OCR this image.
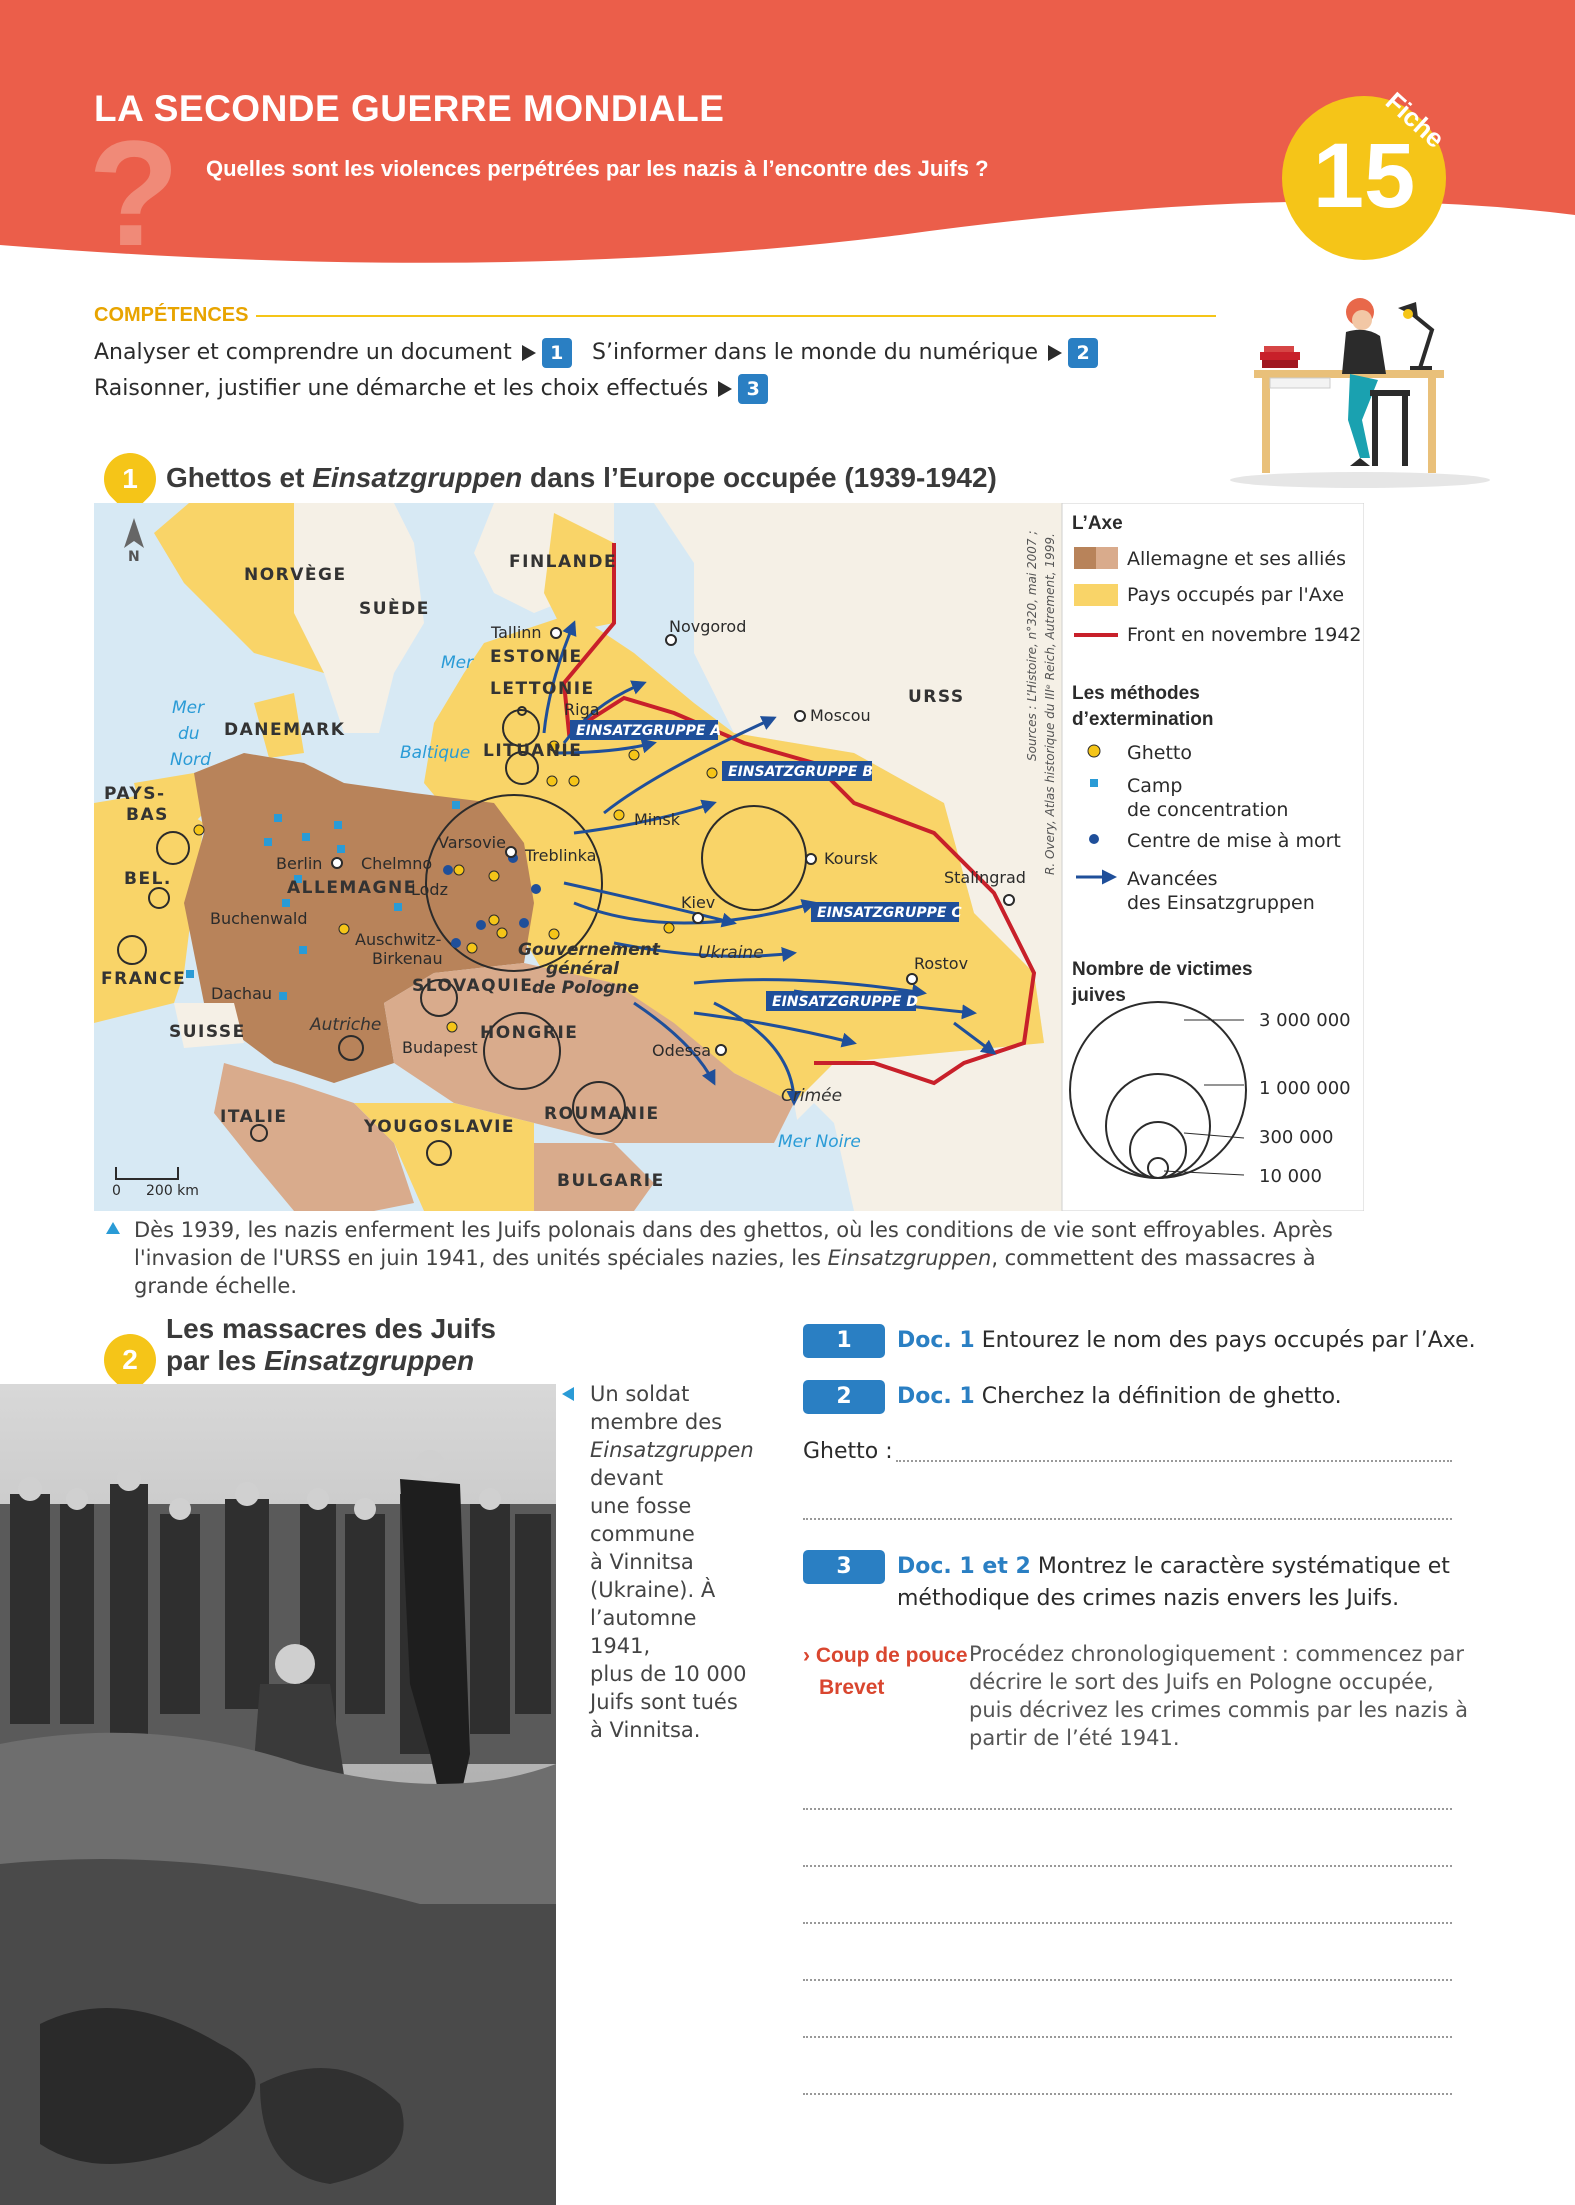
?
LA SECONDE GUERRE MONDIALE
Quelles sont les violences perpétrées par les nazis à l’encontre des Juifs ?	15
Fiche
COMPÉTENCES
Analyser et comprendre un document 1	S’informer dans le monde du numérique 2
Raisonner, justifier une démarche et les choix effectués 3
1	Ghettos et Einsatzgruppen dans l’Europe occupée (1939-1942)
N
NORVÈGE
SUÈDE
FINLANDE
DANEMARK
ESTONIE
LETTONIE
LITUANIE
URSS
PAYS-
BAS
BEL.	ALLEMAGNE
FRANCE
SUISSE
ITALIE	YOUGOSLAVIE
ROUMANIE
BULGARIE
HONGRIE
SLOVAQUIE
Autriche
Ukraine
Crimée
Gouvernement
général
de Pologne
Mer
du
Nord
Mer
Baltique
Mer Noire
Tallinn	Novgorod
Riga	Moscou
Minsk
Berlin Chelmno
Varsovie
Treblinka
Lodz
Buchenwald
Auschwitz-
Birkenau
Dachau
Budapest
Koursk
Stalingrad
Kiev
Rostov
Odessa
EINSATZGRUPPE A
EINSATZGRUPPE B
EINSATZGRUPPE C
EINSATZGRUPPE D
0 200 km
Sources : L’Histoire, n°320, mai 2007 ; R. Overy, Atlas historique du IIIᵉ Reich, Autrement, 1999.
L’Axe
Allemagne et ses alliés
Pays occupés par l'Axe
Front en novembre 1942
Les méthodes
d’extermination
Ghetto
Camp
de concentration
Centre de mise à mort
Avancées
des Einsatzgruppen
Nombre de victimes
juives
3 000 000
1 000 000
300 000
10 000
Dès 1939, les nazis enferment les Juifs polonais dans des ghettos, où les conditions de vie sont effroyables. Après l'invasion de l'URSS en juin 1941, des unités spéciales nazies, les Einsatzgruppen, commettent des massacres à grande échelle.
2
Les massacres des Juifs
par les Einsatzgruppen
Un soldat
membre des
Einsatzgruppen
devant
une fosse
commune
à Vinnitsa
(Ukraine). À
l’automne 1941,
plus de 10 000
Juifs sont tués
à Vinnitsa.
1	Doc. 1 Entourez le nom des pays occupés par l’Axe.
2	Doc. 1 Cherchez la définition de ghetto.
Ghetto :
3	Doc. 1 et 2 Montrez le caractère systématique et
méthodique des crimes nazis envers les Juifs.
› Coup de pouce
Brevet
Procédez chronologiquement : commencez par
décrire le sort des Juifs en Pologne occupée,
puis décrivez les crimes commis par les nazis à
partir de l’été 1941.
